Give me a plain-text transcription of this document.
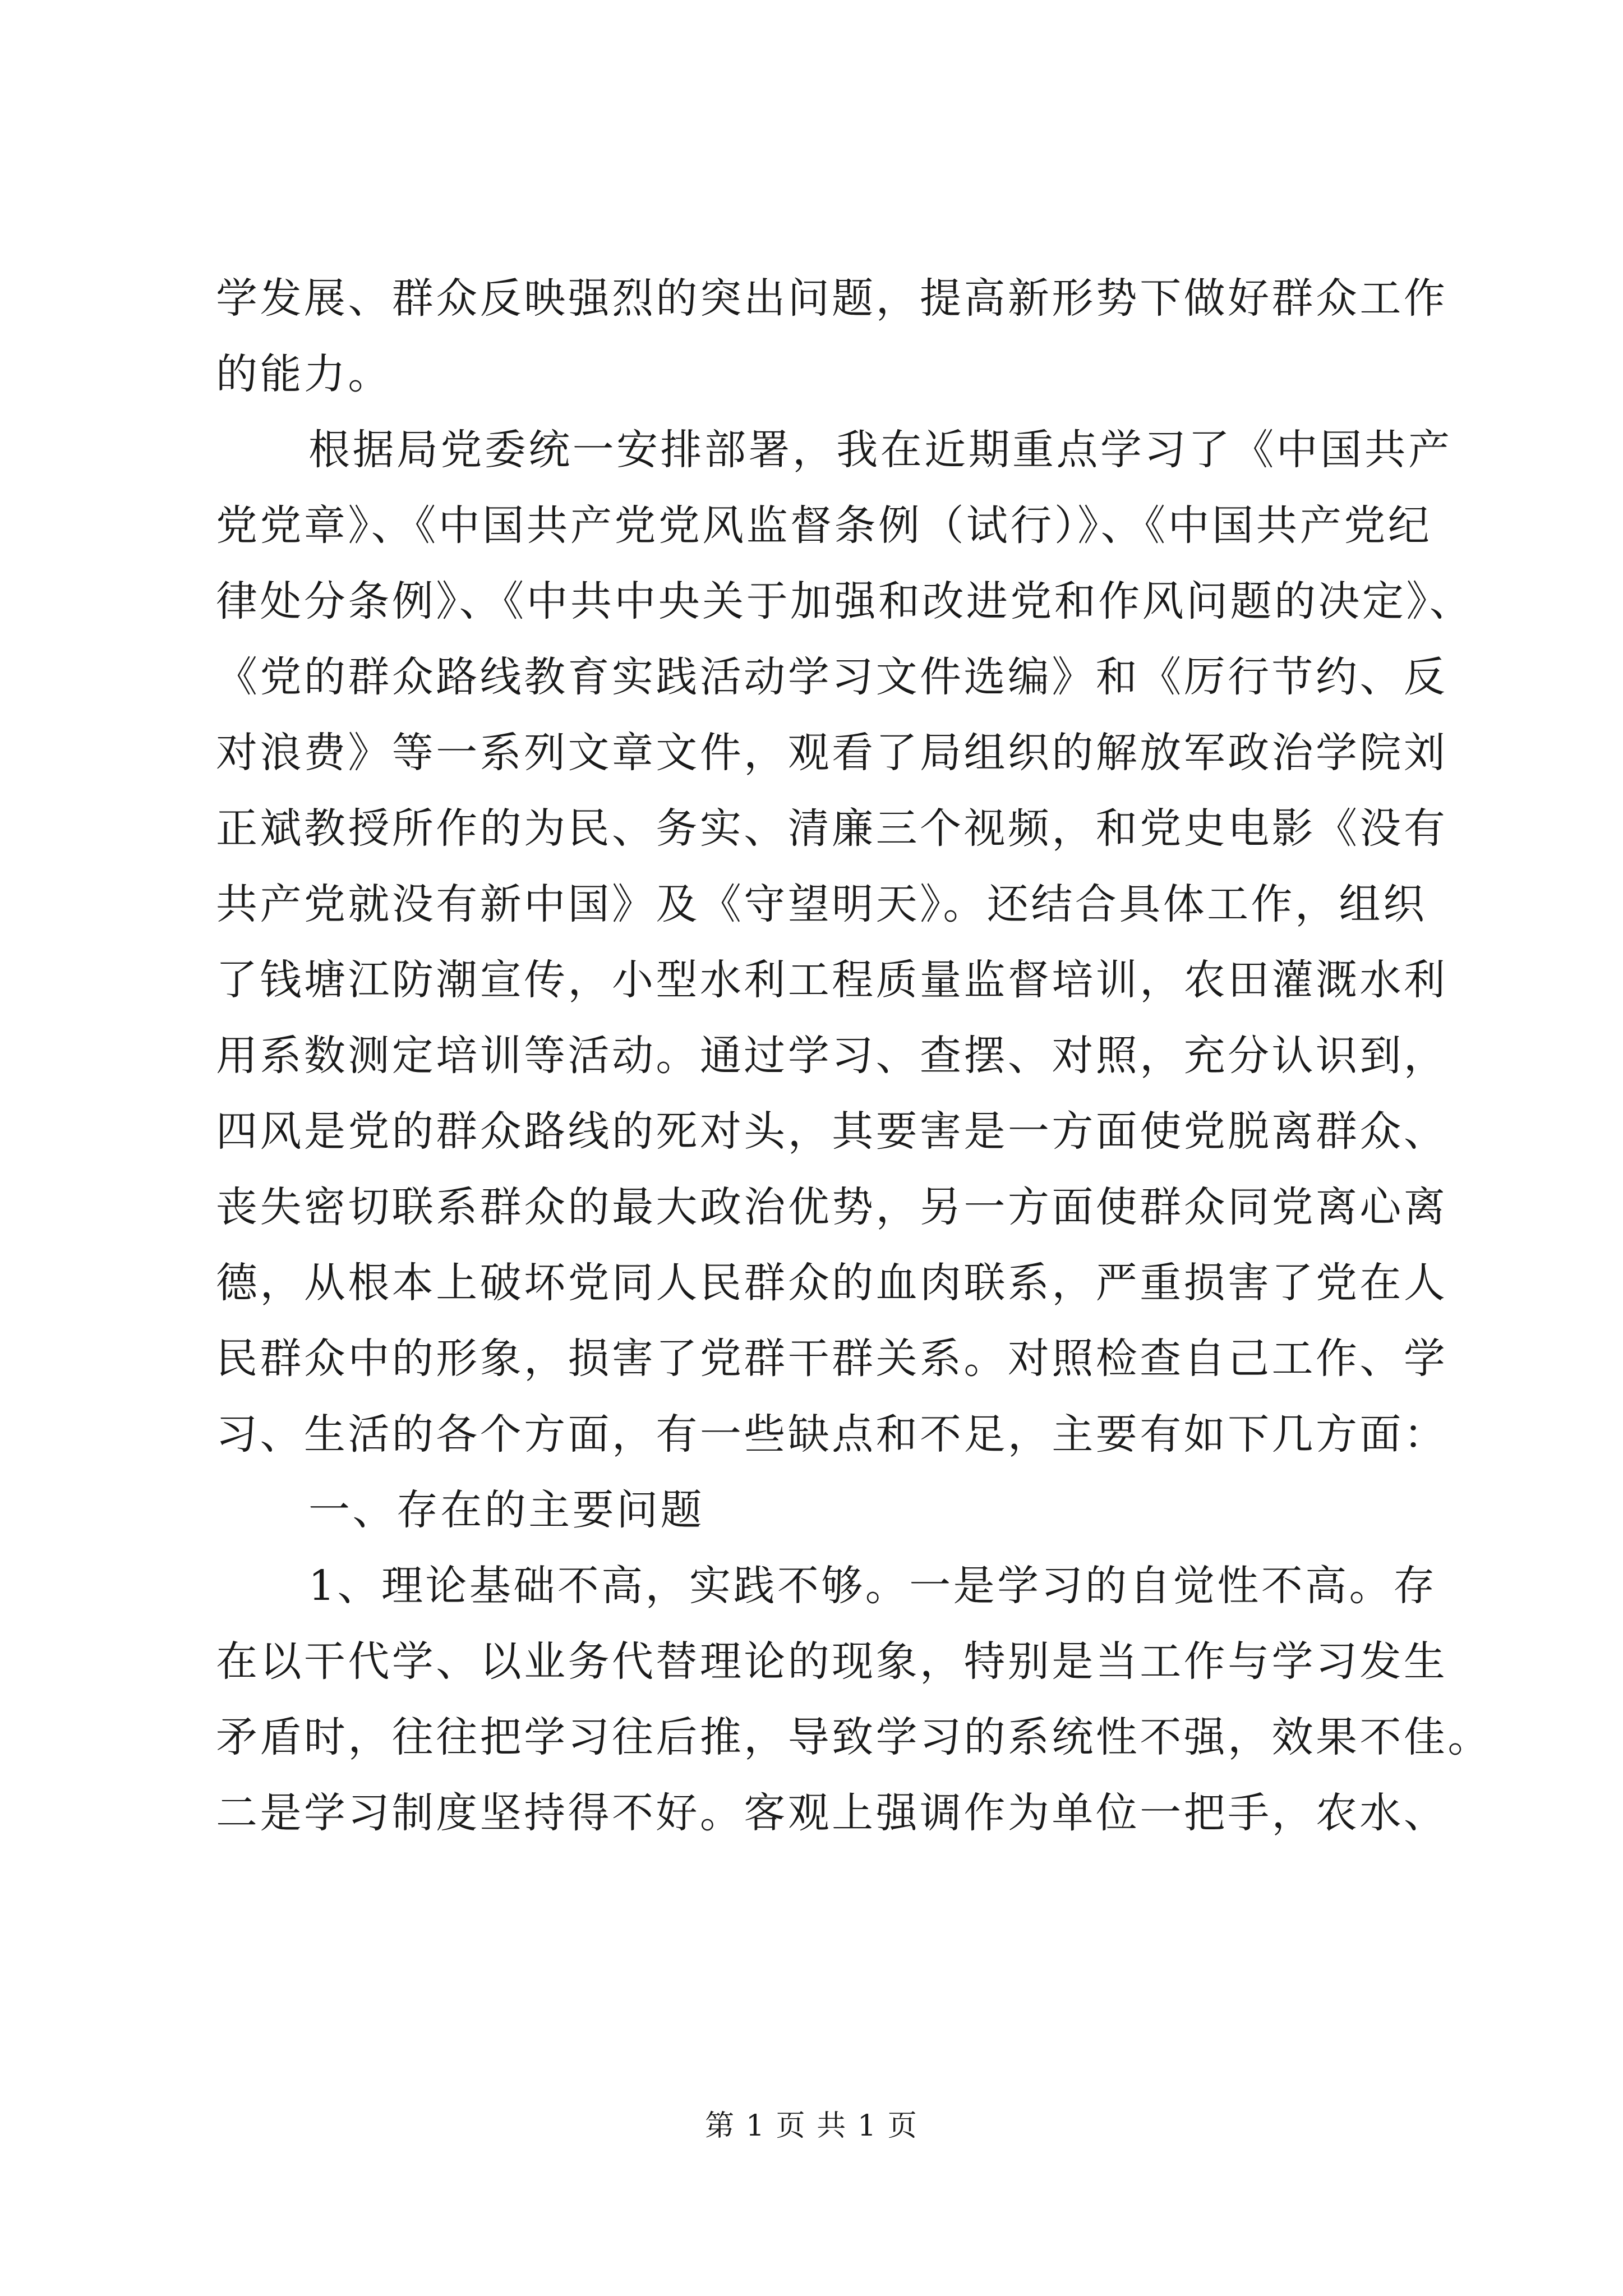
学发展、群众反映强烈的突出问题，提高新形势下做好群众工作
的能力。
根据局党委统一安排部署，我在近期重点学习了《中国共产
党党章》、《中国共产党党风监督条例（试行）》、《中国共产党纪
律处分条例》、《中共中央关于加强和改进党和作风问题的决定》、
《党的群众路线教育实践活动学习文件选编》和《厉行节约、反
对浪费》等一系列文章文件，观看了局组织的解放军政治学院刘
正斌教授所作的为民、务实、清廉三个视频，和党史电影《没有
共产党就没有新中国》及《守望明天》。还结合具体工作，组织
了钱塘江防潮宣传，小型水利工程质量监督培训，农田灌溉水利
用系数测定培训等活动。通过学习、查摆、对照，充分认识到，
四风是党的群众路线的死对头，其要害是一方面使党脱离群众、
丧失密切联系群众的最大政治优势，另一方面使群众同党离心离
德，从根本上破坏党同人民群众的血肉联系，严重损害了党在人
民群众中的形象，损害了党群干群关系。对照检查自己工作、学
习、生活的各个方面，有一些缺点和不足，主要有如下几方面：
一、存在的主要问题
1、理论基础不高，实践不够。一是学习的自觉性不高。存
在以干代学、以业务代替理论的现象，特别是当工作与学习发生
矛盾时，往往把学习往后推，导致学习的系统性不强，效果不佳。
二是学习制度坚持得不好。客观上强调作为单位一把手，农水、
第 1 页 共 1 页
